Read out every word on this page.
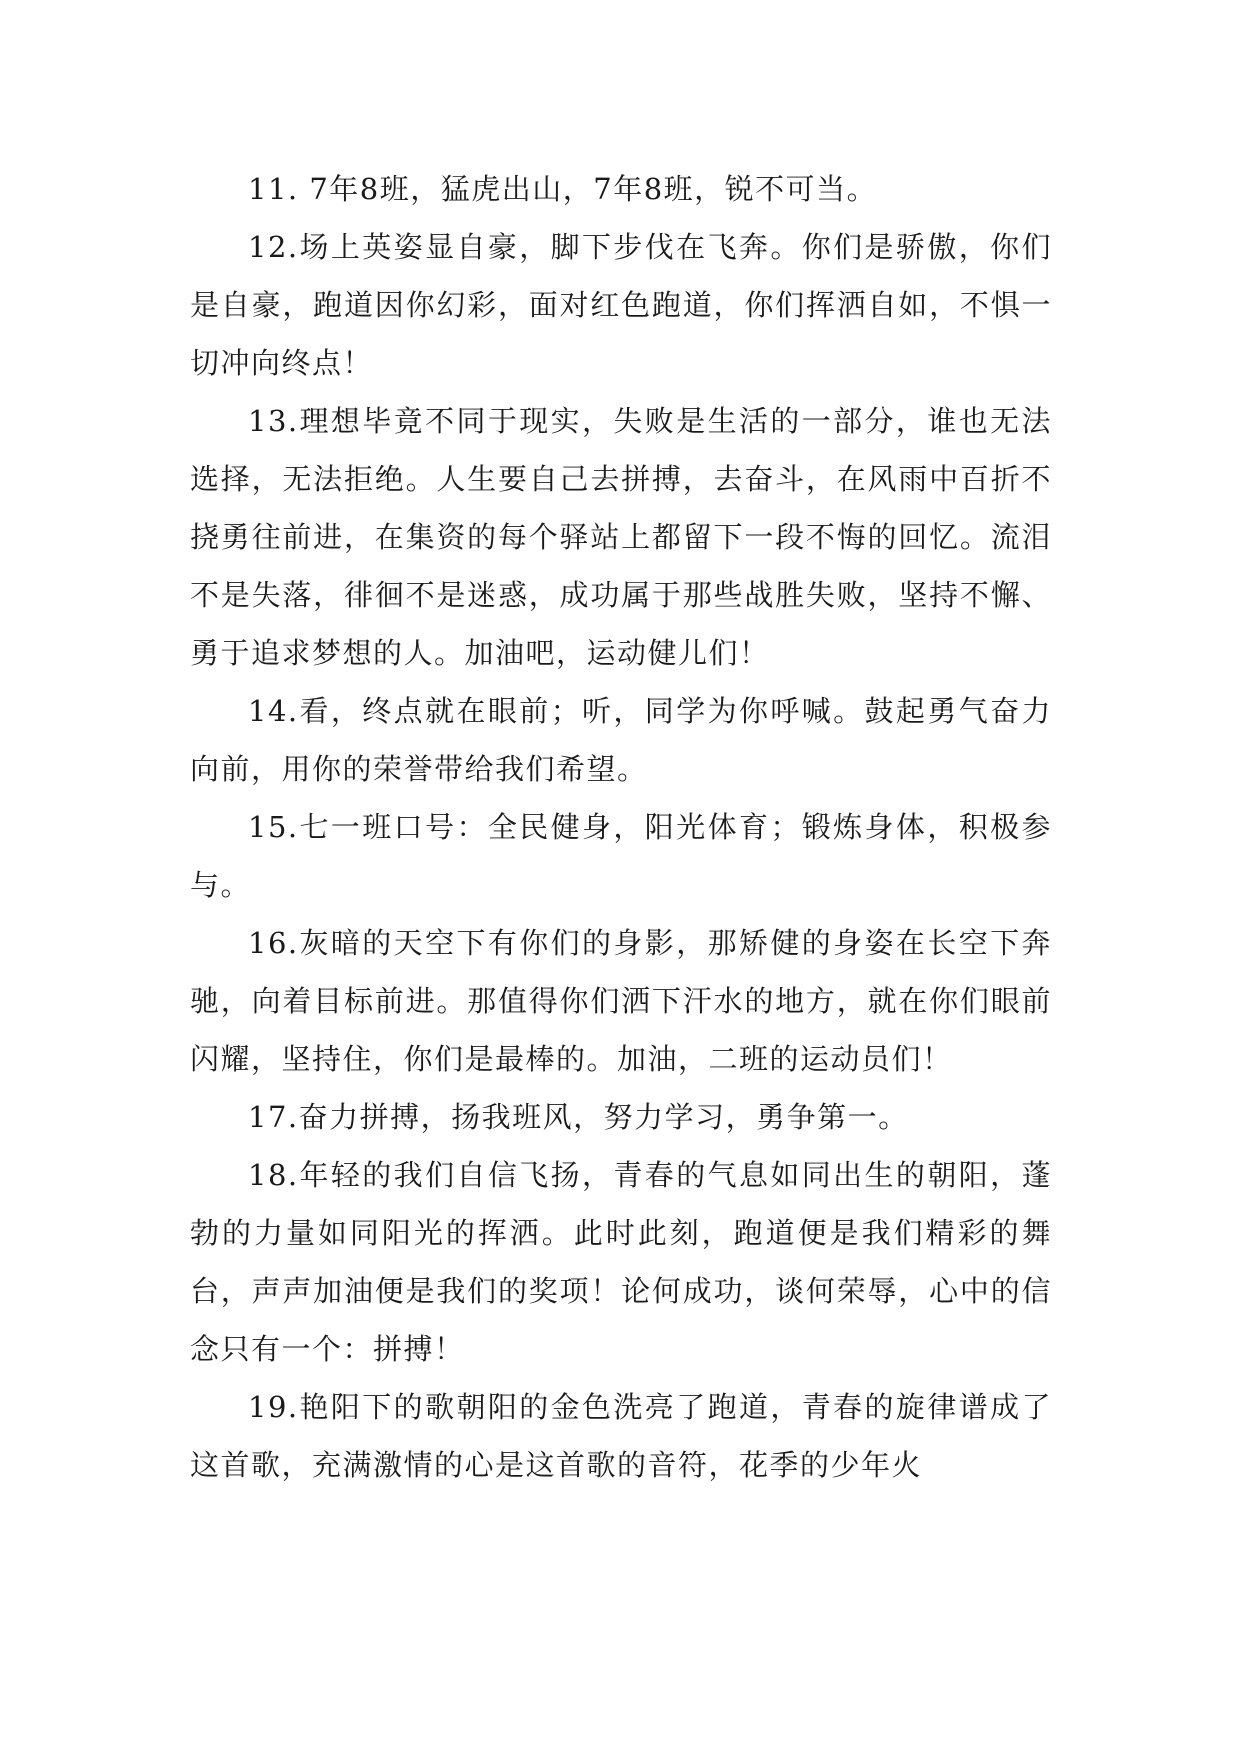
11. 7年8班，猛虎出山，7年8班，锐不可当。

12.场上英姿显自豪，脚下步伐在飞奔。你们是骄傲，你们是自豪，跑道因你幻彩，面对红色跑道，你们挥洒自如，不惧一切冲向终点！

13.理想毕竟不同于现实，失败是生活的一部分，谁也无法选择，无法拒绝。人生要自己去拼搏，去奋斗，在风雨中百折不挠勇往前进，在集资的每个驿站上都留下一段不悔的回忆。流泪不是失落，徘徊不是迷惑，成功属于那些战胜失败，坚持不懈、勇于追求梦想的人。加油吧，运动健儿们！

14.看，终点就在眼前；听，同学为你呼喊。鼓起勇气奋力向前，用你的荣誉带给我们希望。

15.七一班口号：全民健身，阳光体育；锻炼身体，积极参与。

16.灰暗的天空下有你们的身影，那矫健的身姿在长空下奔驰，向着目标前进。那值得你们洒下汗水的地方，就在你们眼前闪耀，坚持住，你们是最棒的。加油，二班的运动员们！

17.奋力拼搏，扬我班风，努力学习，勇争第一。

18.年轻的我们自信飞扬，青春的气息如同出生的朝阳，蓬勃的力量如同阳光的挥洒。此时此刻，跑道便是我们精彩的舞台，声声加油便是我们的奖项！论何成功，谈何荣辱，心中的信念只有一个：拼搏！

19.艳阳下的歌朝阳的金色洗亮了跑道，青春的旋律谱成了这首歌，充满激情的心是这首歌的音符，花季的少年火
